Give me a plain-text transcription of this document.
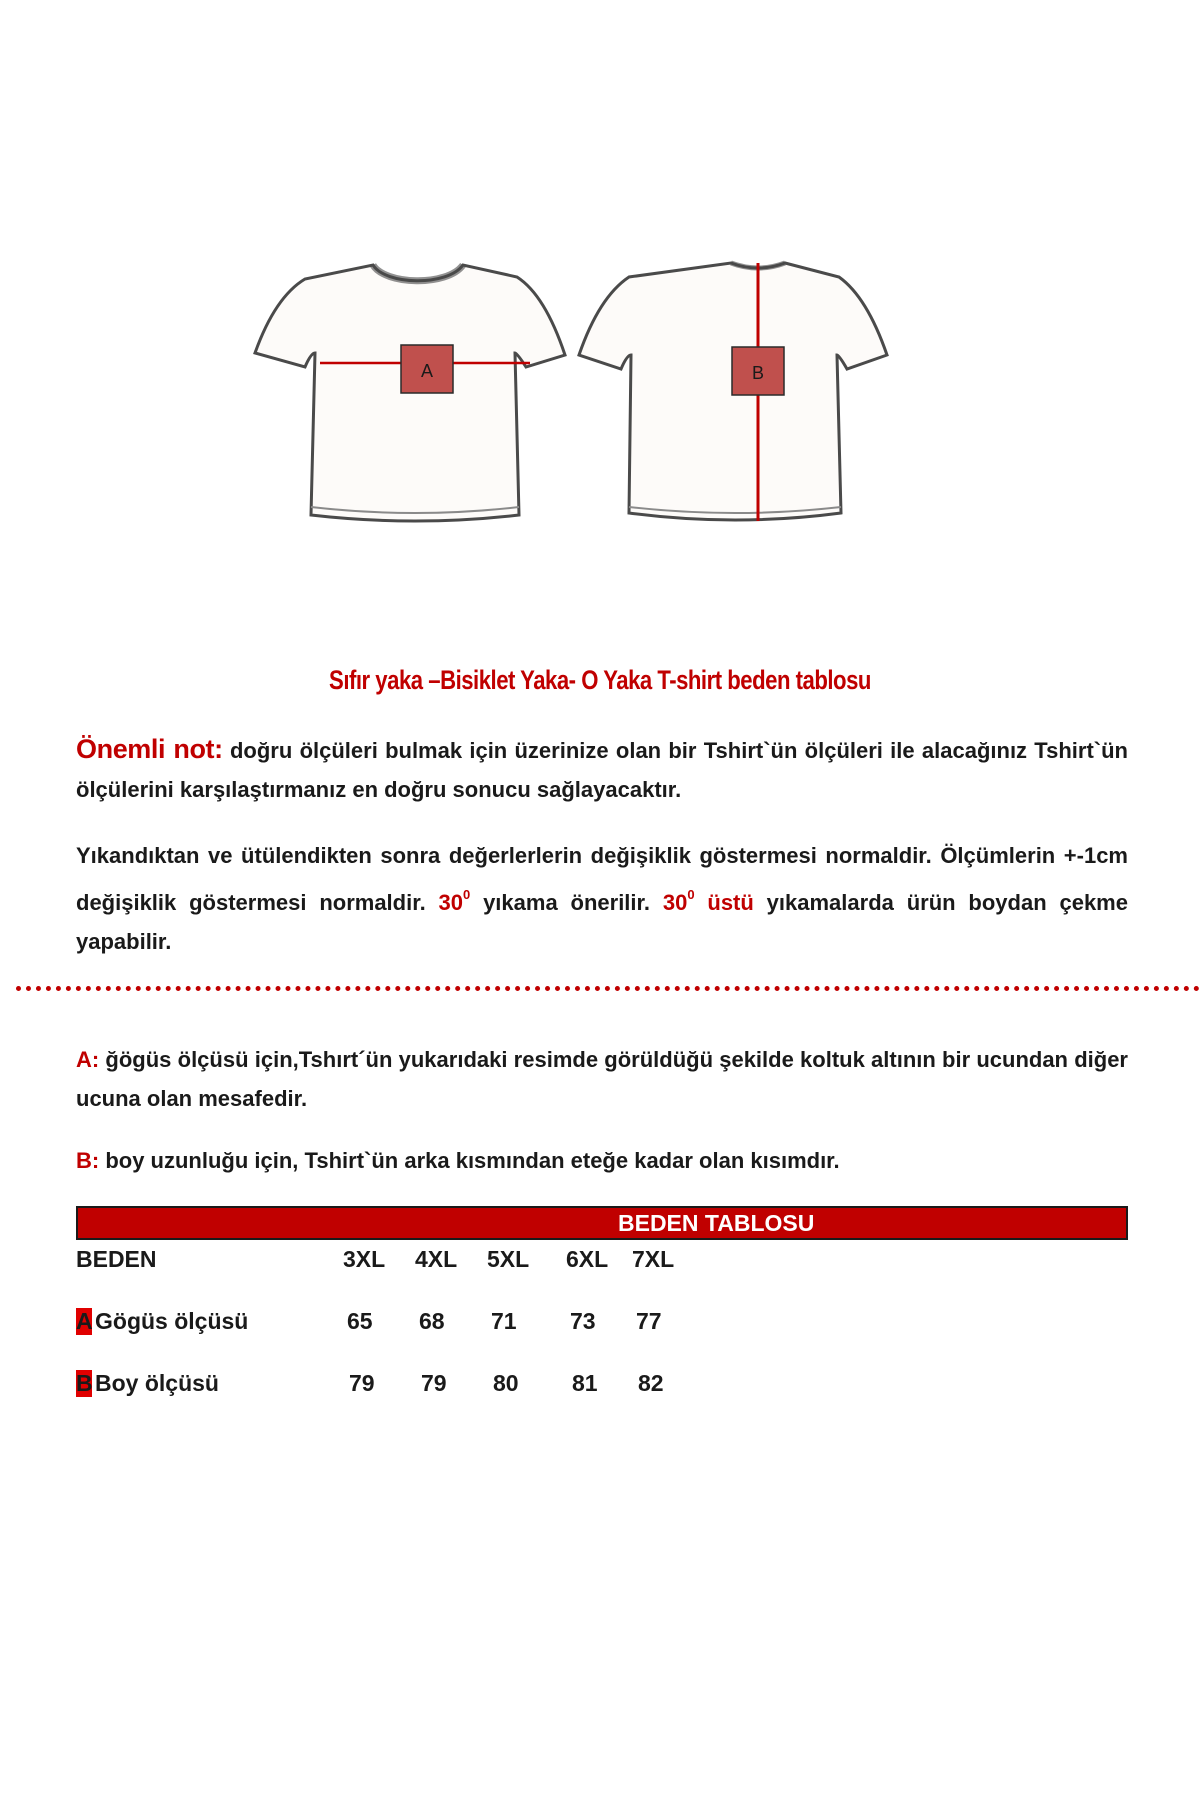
A	B
Sıfır yaka –Bisiklet Yaka- O Yaka T-shirt beden tablosu
Önemli not: doğru ölçüleri bulmak için üzerinize olan bir Tshirt`ün ölçüleri ile alacağınız Tshirt`ün ölçülerini karşılaştırmanız en doğru sonucu sağlayacaktır.
Yıkandıktan ve ütülendikten sonra değerlerlerin değişiklik göstermesi normaldir. Ölçümlerin +-1cm değişiklik göstermesi normaldir. $30^0$ yıkama önerilir. $30^0$ üstü yıkamalarda ürün boydan çekme yapabilir.
A: ğögüs ölçüsü için,Tshırt´ün yukarıdaki resimde görüldüğü şekilde koltuk altının bir ucundan diğer ucuna olan mesafedir.
B: boy uzunluğu için, Tshirt`ün arka kısmından eteğe kadar olan kısımdır.
BEDEN TABLOSU
BEDEN	3XL 4XL 5XL 6XL 7XL
A Gögüs ölçüsü	65 68 71 73 77
B Boy ölçüsü	79 79 80 81 82
